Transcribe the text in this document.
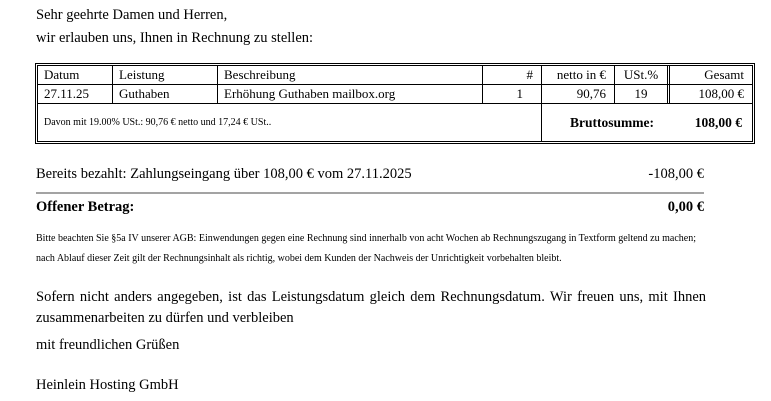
Sehr geehrte Damen und Herren,
wir erlauben uns, Ihnen in Rechnung zu stellen:
Datum	Leistung	Beschreibung	#	netto in €	USt.%	Gesamt
27.11.25	Guthaben	Erhöhung Guthaben mailbox.org	1	90,76	19	108,00 €
Davon mit 19.00% USt.: 90,76 € netto und 17,24 € USt..	Bruttosumme:	108,00 €
Bereits bezahlt: Zahlungseingang über 108,00 € vom 27.11.2025	-108,00 €
Offener Betrag:	0,00 €
Bitte beachten Sie §5a IV unserer AGB: Einwendungen gegen eine Rechnung sind innerhalb von acht Wochen ab Rechnungszugang in Textform geltend zu machen;
nach Ablauf dieser Zeit gilt der Rechnungsinhalt als richtig, wobei dem Kunden der Nachweis der Unrichtigkeit vorbehalten bleibt.
Sofern nicht anders angegeben, ist das Leistungsdatum gleich dem Rechnungsdatum. Wir freuen uns, mit Ihnen zusammenarbeiten zu dürfen und verbleiben
mit freundlichen Grüßen
Heinlein Hosting GmbH
